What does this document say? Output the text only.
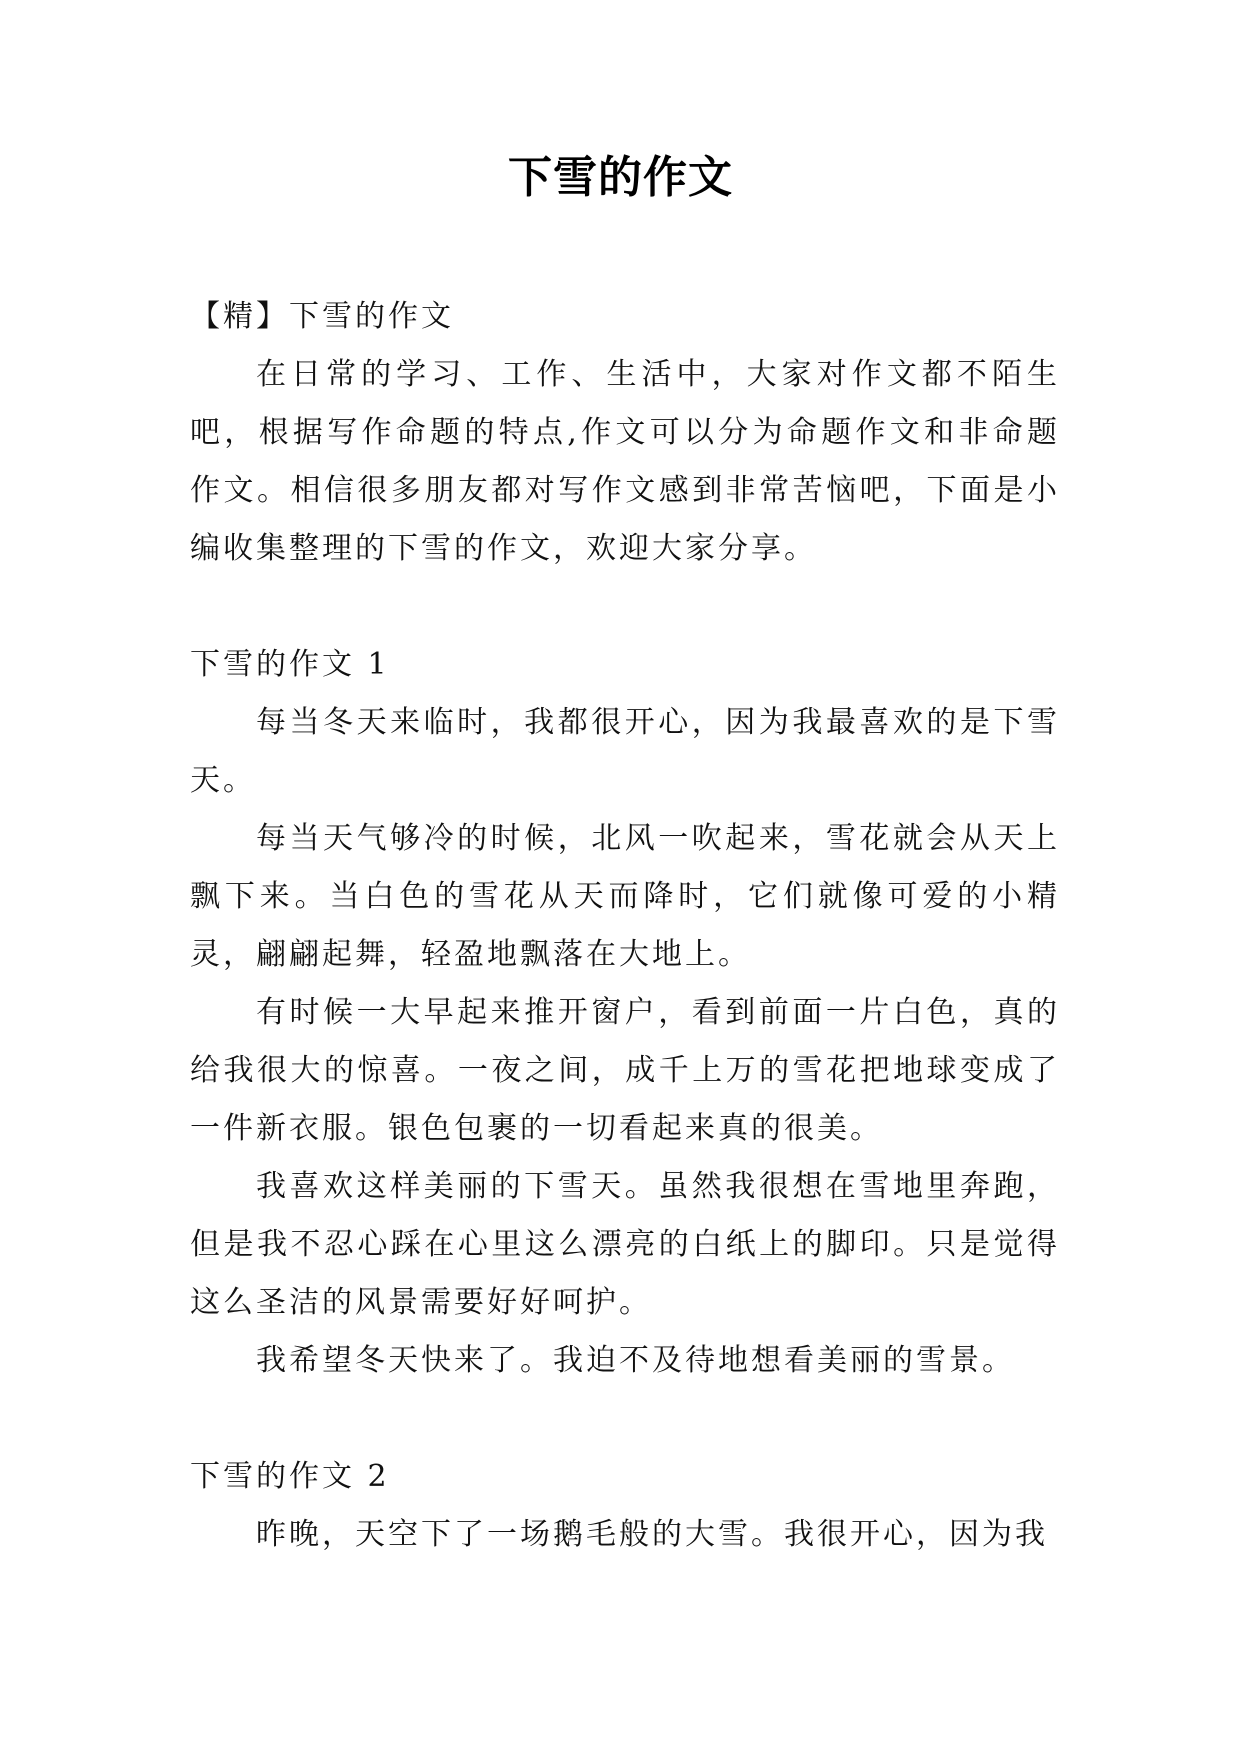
下雪的作文

【精】下雪的作文

在日常的学习、工作、生活中，大家对作文都不陌生吧，根据写作命题的特点,作文可以分为命题作文和非命题作文。相信很多朋友都对写作文感到非常苦恼吧，下面是小编收集整理的下雪的作文，欢迎大家分享。

下雪的作文 1

每当冬天来临时，我都很开心，因为我最喜欢的是下雪天。

每当天气够冷的时候，北风一吹起来，雪花就会从天上飘下来。当白色的雪花从天而降时，它们就像可爱的小精灵，翩翩起舞，轻盈地飘落在大地上。

有时候一大早起来推开窗户，看到前面一片白色，真的给我很大的惊喜。一夜之间，成千上万的雪花把地球变成了一件新衣服。银色包裹的一切看起来真的很美。

我喜欢这样美丽的下雪天。虽然我很想在雪地里奔跑，但是我不忍心踩在心里这么漂亮的白纸上的脚印。只是觉得这么圣洁的风景需要好好呵护。

我希望冬天快来了。我迫不及待地想看美丽的雪景。

下雪的作文 2

昨晚，天空下了一场鹅毛般的大雪。我很开心，因为我
